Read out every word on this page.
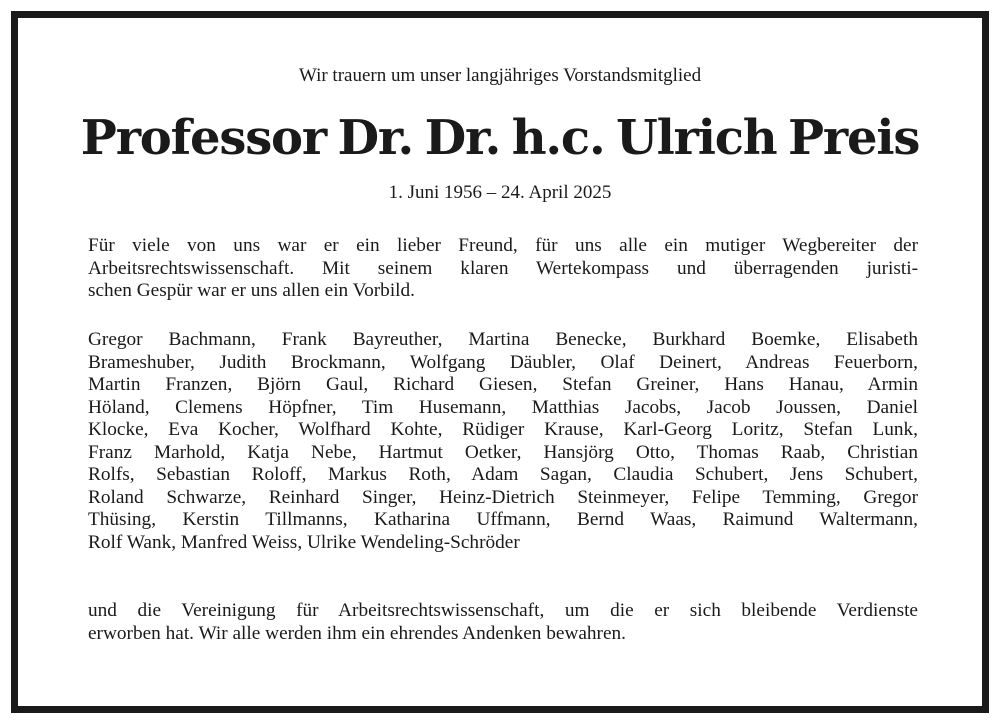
Wir trauern um unser langjähriges Vorstandsmitglied
Professor Dr. Dr. h.c. Ulrich Preis
1. Juni 1956 – 24. April 2025
Für viele von uns war er ein lieber Freund, für uns alle ein mutiger Wegbereiter der
Arbeitsrechtswissenschaft. Mit seinem klaren Wertekompass und überragenden juristi-
schen Gespür war er uns allen ein Vorbild.
Gregor Bachmann, Frank Bayreuther, Martina Benecke, Burkhard Boemke, Elisabeth
Brameshuber, Judith Brockmann, Wolfgang Däubler, Olaf Deinert, Andreas Feuerborn,
Martin Franzen, Björn Gaul, Richard Giesen, Stefan Greiner, Hans Hanau, Armin
Höland, Clemens Höpfner, Tim Husemann, Matthias Jacobs, Jacob Joussen, Daniel
Klocke, Eva Kocher, Wolfhard Kohte, Rüdiger Krause, Karl-Georg Loritz, Stefan Lunk,
Franz Marhold, Katja Nebe, Hartmut Oetker, Hansjörg Otto, Thomas Raab, Christian
Rolfs, Sebastian Roloff, Markus Roth, Adam Sagan, Claudia Schubert, Jens Schubert,
Roland Schwarze, Reinhard Singer, Heinz-Dietrich Steinmeyer, Felipe Temming, Gregor
Thüsing, Kerstin Tillmanns, Katharina Uffmann, Bernd Waas, Raimund Waltermann,
Rolf Wank, Manfred Weiss, Ulrike Wendeling-Schröder
und die Vereinigung für Arbeitsrechtswissenschaft, um die er sich bleibende Verdienste
erworben hat. Wir alle werden ihm ein ehrendes Andenken bewahren.
